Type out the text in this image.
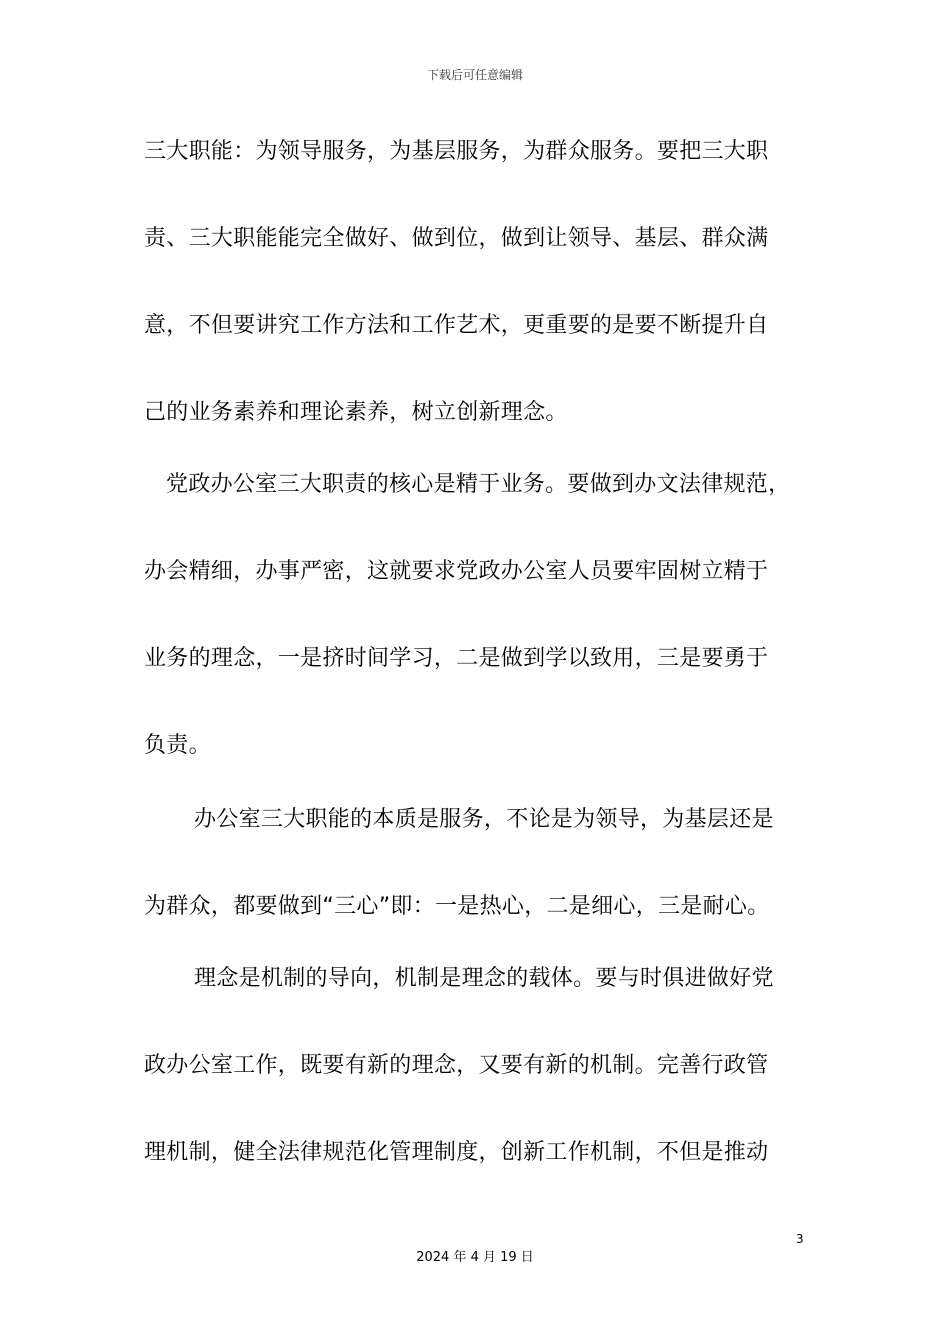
下载后可任意编辑
三大职能：为领导服务，为基层服务，为群众服务。要把三大职
责、三大职能能完全做好、做到位，做到让领导、基层、群众满
意，不但要讲究工作方法和工作艺术，更重要的是要不断提升自
己的业务素养和理论素养，树立创新理念。
党政办公室三大职责的核心是精于业务。要做到办文法律规范，
办会精细，办事严密，这就要求党政办公室人员要牢固树立精于
业务的理念，一是挤时间学习，二是做到学以致用，三是要勇于
负责。
办公室三大职能的本质是服务，不论是为领导，为基层还是
为群众，都要做到“三心”即：一是热心，二是细心，三是耐心。
理念是机制的导向，机制是理念的载体。要与时俱进做好党
政办公室工作，既要有新的理念，又要有新的机制。完善行政管
理机制，健全法律规范化管理制度，创新工作机制，不但是推动
3
2024 年 4 月 19 日
